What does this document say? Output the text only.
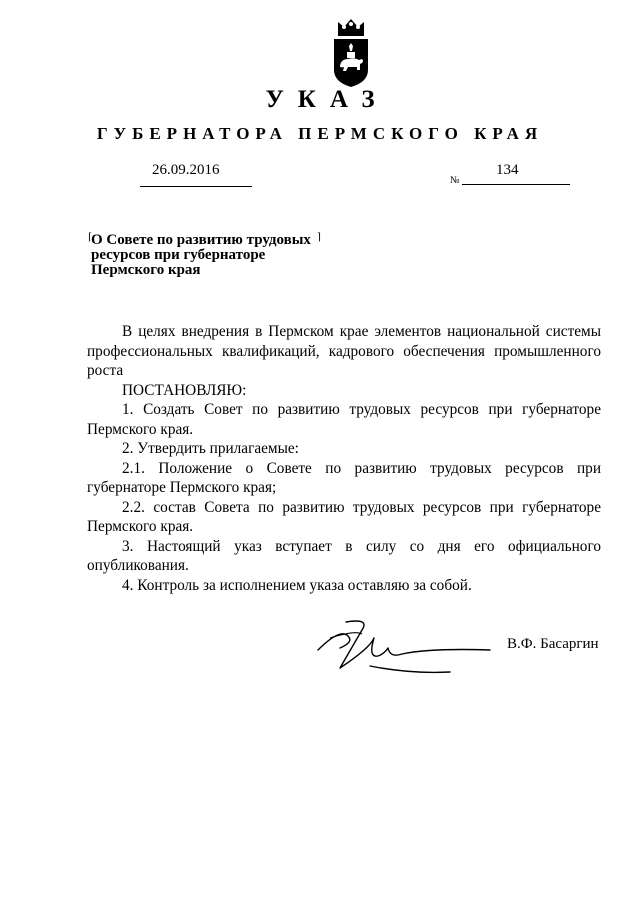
УКАЗ
ГУБЕРНАТОРА ПЕРМСКОГО КРАЯ
26.09.2016
№
134
⌈ О Совете по развитию трудовых ⌉
ресурсов при губернаторе
Пермского края

В целях внедрения в Пермском крае элементов национальной системы профессиональных квалификаций, кадрового обеспечения промышленного роста

ПОСТАНОВЛЯЮ:

1. Создать Совет по развитию трудовых ресурсов при губернаторе Пермского края.

2. Утвердить прилагаемые:

2.1. Положение о Совете по развитию трудовых ресурсов при губернаторе Пермского края;

2.2. состав Совета по развитию трудовых ресурсов при губернаторе Пермского края.

3. Настоящий указ вступает в силу со дня его официального опубликования.

4. Контроль за исполнением указа оставляю за собой.

В.Ф. Басаргин
